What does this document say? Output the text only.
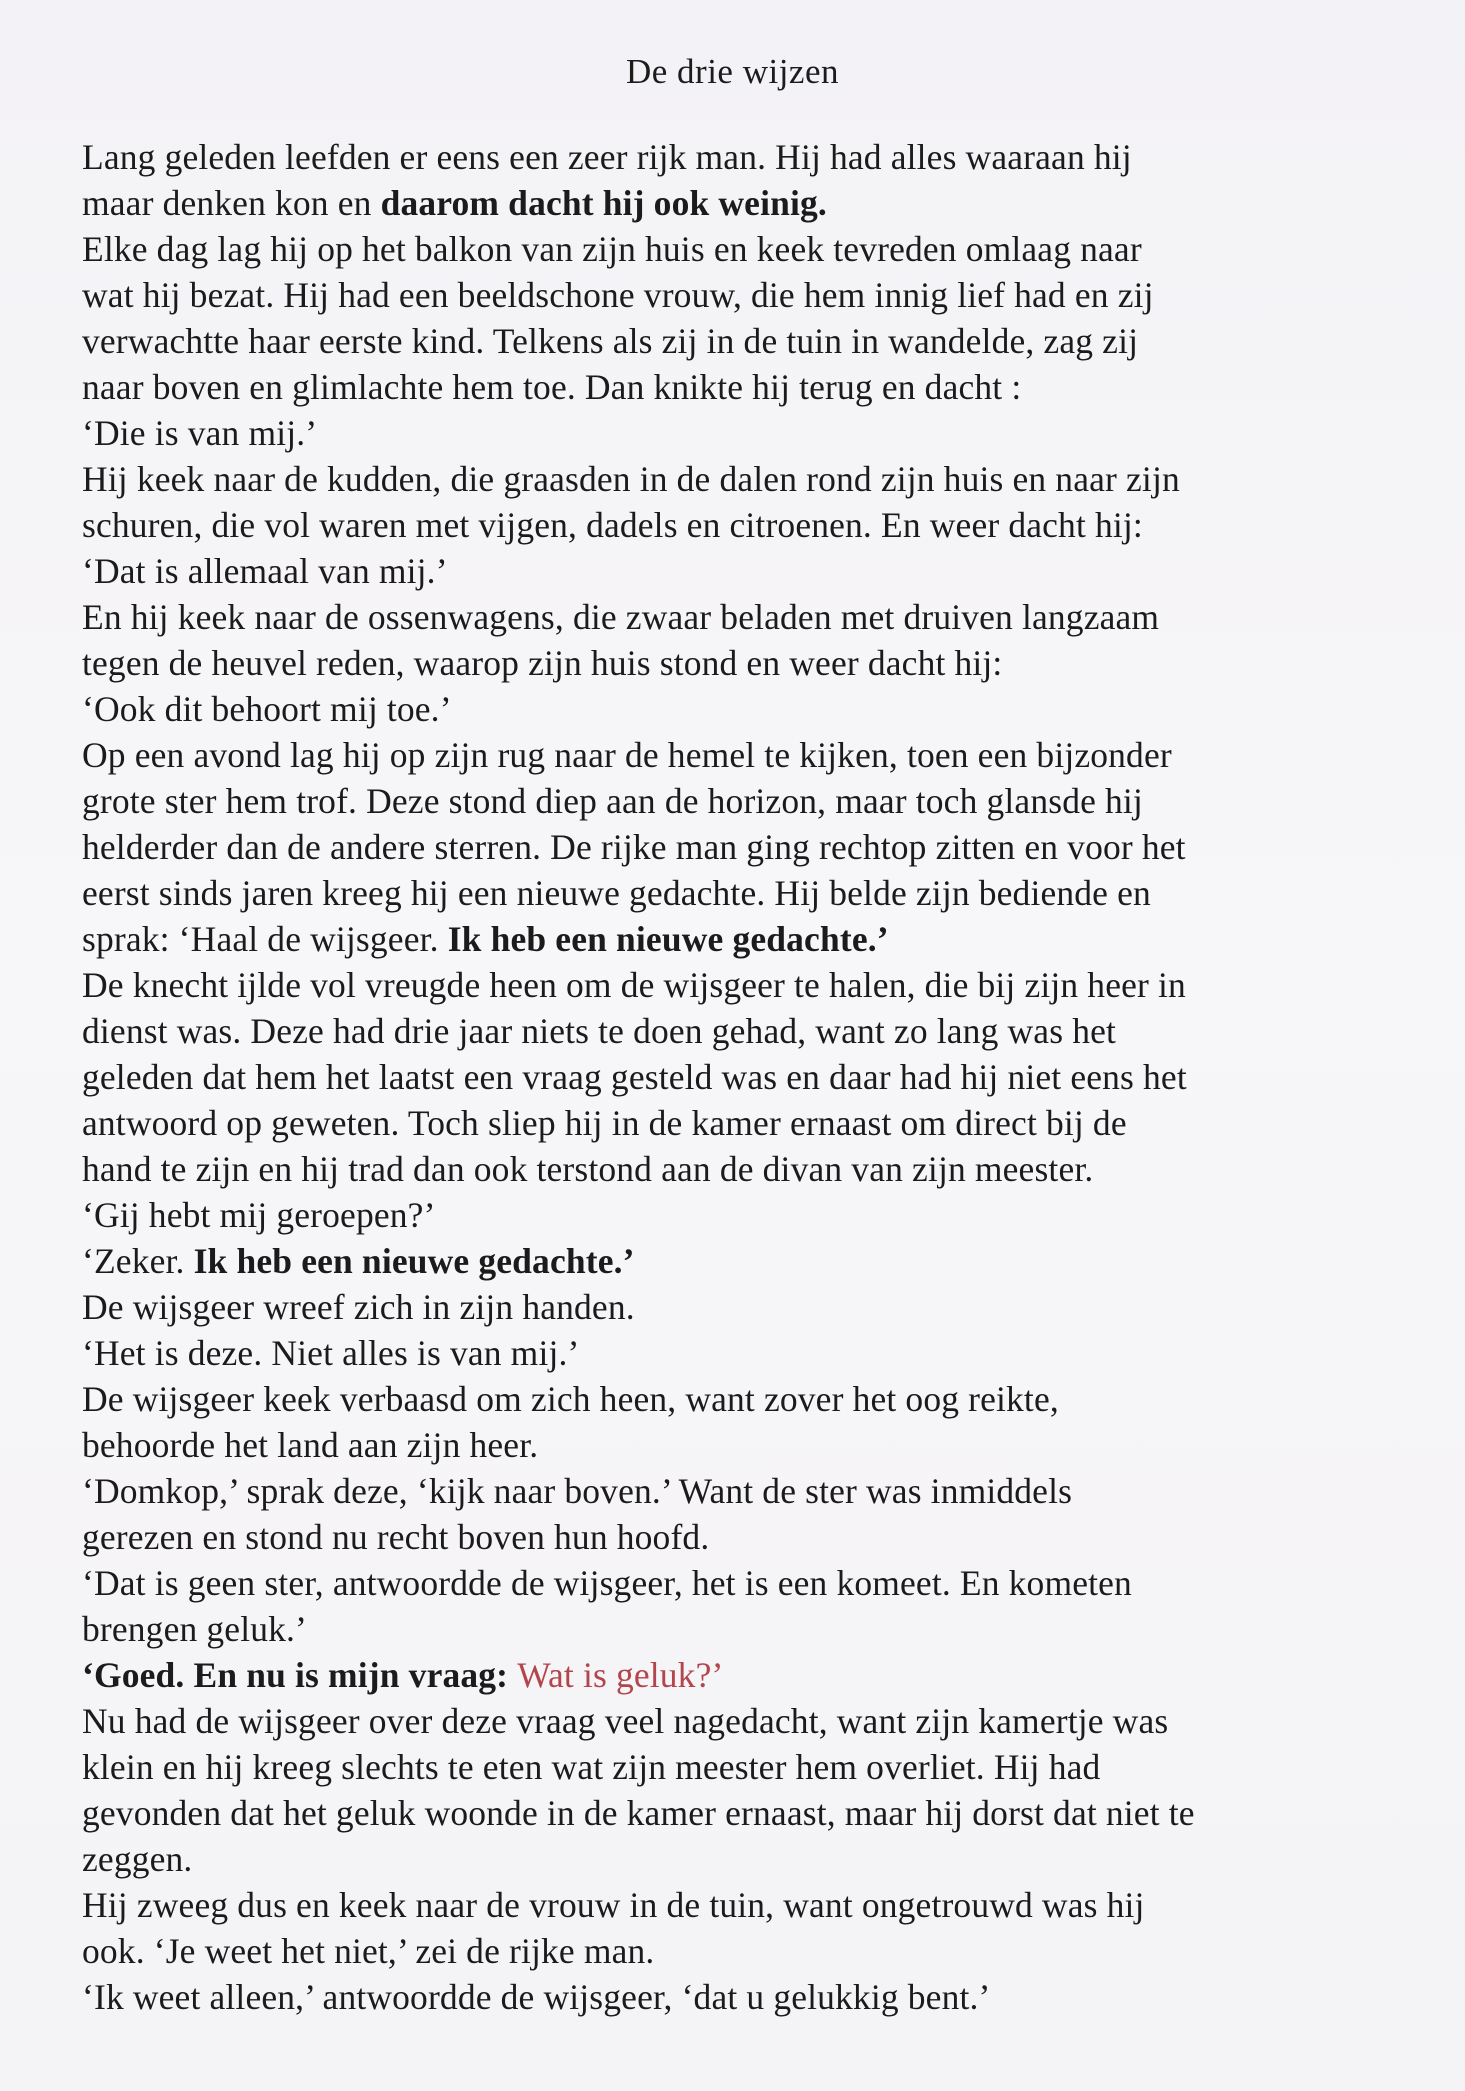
De drie wijzen
Lang geleden leefden er eens een zeer rijk man. Hij had alles waaraan hij
maar denken kon en daarom dacht hij ook weinig.
Elke dag lag hij op het balkon van zijn huis en keek tevreden omlaag naar
wat hij bezat. Hij had een beeldschone vrouw, die hem innig lief had en zij
verwachtte haar eerste kind. Telkens als zij in de tuin in wandelde, zag zij
naar boven en glimlachte hem toe. Dan knikte hij terug en dacht :
‘Die is van mij.’
Hij keek naar de kudden, die graasden in de dalen rond zijn huis en naar zijn
schuren, die vol waren met vijgen, dadels en citroenen. En weer dacht hij:
‘Dat is allemaal van mij.’
En hij keek naar de ossenwagens, die zwaar beladen met druiven langzaam
tegen de heuvel reden, waarop zijn huis stond en weer dacht hij:
‘Ook dit behoort mij toe.’
Op een avond lag hij op zijn rug naar de hemel te kijken, toen een bijzonder
grote ster hem trof. Deze stond diep aan de horizon, maar toch glansde hij
helderder dan de andere sterren. De rijke man ging rechtop zitten en voor het
eerst sinds jaren kreeg hij een nieuwe gedachte. Hij belde zijn bediende en
sprak: ‘Haal de wijsgeer. Ik heb een nieuwe gedachte.’
De knecht ijlde vol vreugde heen om de wijsgeer te halen, die bij zijn heer in
dienst was. Deze had drie jaar niets te doen gehad, want zo lang was het
geleden dat hem het laatst een vraag gesteld was en daar had hij niet eens het
antwoord op geweten. Toch sliep hij in de kamer ernaast om direct bij de
hand te zijn en hij trad dan ook terstond aan de divan van zijn meester.
‘Gij hebt mij geroepen?’
‘Zeker. Ik heb een nieuwe gedachte.’
De wijsgeer wreef zich in zijn handen.
‘Het is deze. Niet alles is van mij.’
De wijsgeer keek verbaasd om zich heen, want zover het oog reikte,
behoorde het land aan zijn heer.
‘Domkop,’ sprak deze, ‘kijk naar boven.’ Want de ster was inmiddels
gerezen en stond nu recht boven hun hoofd.
‘Dat is geen ster, antwoordde de wijsgeer, het is een komeet. En kometen
brengen geluk.’
‘Goed. En nu is mijn vraag: Wat is geluk?’
Nu had de wijsgeer over deze vraag veel nagedacht, want zijn kamertje was
klein en hij kreeg slechts te eten wat zijn meester hem overliet. Hij had
gevonden dat het geluk woonde in de kamer ernaast, maar hij dorst dat niet te
zeggen.
Hij zweeg dus en keek naar de vrouw in de tuin, want ongetrouwd was hij
ook. ‘Je weet het niet,’ zei de rijke man.
‘Ik weet alleen,’ antwoordde de wijsgeer, ‘dat u gelukkig bent.’
